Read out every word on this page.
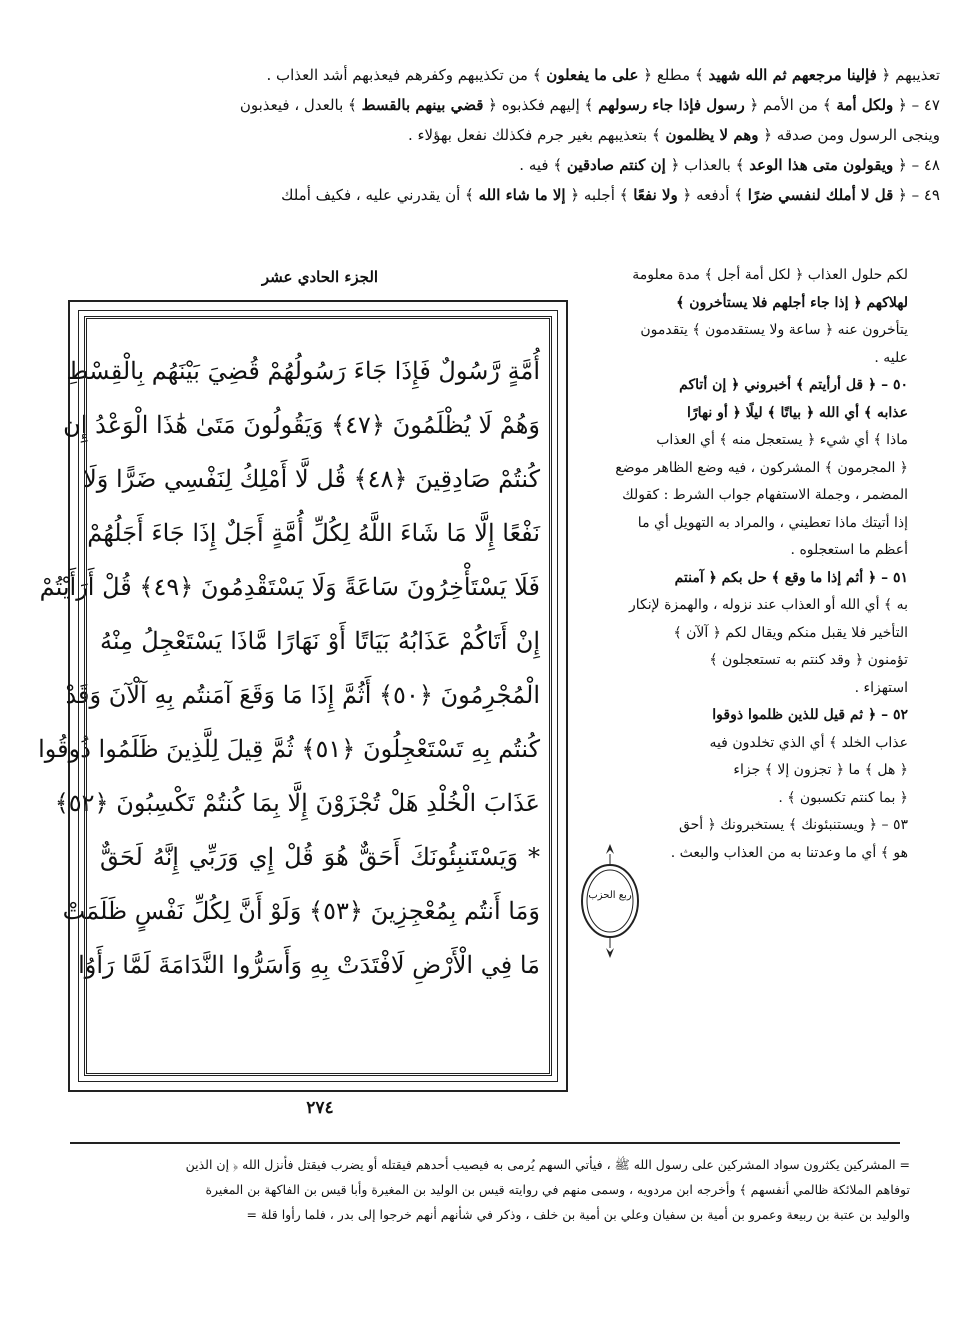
تعذيبهم ﴿ فإلينا مرجعهم ثم الله شهيد ﴾ مطلع ﴿ على ما يفعلون ﴾ من تكذيبهم وكفرهم فيعذبهم أشد العذاب .

٤٧ – ﴿ ولكل أمة ﴾ من الأمم ﴿ رسول فإذا جاء رسولهم ﴾ إليهم فكذبوه ﴿ قضي بينهم بالقسط ﴾ بالعدل ، فيعذبون

وينجى الرسول ومن صدقه ﴿ وهم لا يظلمون ﴾ بتعذيبهم بغير جرم فكذلك نفعل بهؤلاء .

٤٨ – ﴿ ويقولون متى هذا الوعد ﴾ بالعذاب ﴿ إن كنتم صادقين ﴾ فيه .

٤٩ – ﴿ قل لا أملك لنفسي ضرًا ﴾ أدفعه ﴿ ولا نفعًا ﴾ أجلبه ﴿ إلا ما شاء الله ﴾ أن يقدرني عليه ، فكيف أملك

الجزء الحادي عشر
أُمَّةٍ رَّسُولٌ فَإِذَا جَاءَ رَسُولُهُمْ قُضِيَ بَيْنَهُم بِالْقِسْطِ
وَهُمْ لَا يُظْلَمُونَ ﴿٤٧﴾ وَيَقُولُونَ مَتَىٰ هَٰذَا الْوَعْدُ إِن
كُنتُمْ صَادِقِينَ ﴿٤٨﴾ قُل لَّا أَمْلِكُ لِنَفْسِي ضَرًّا وَلَا
نَفْعًا إِلَّا مَا شَاءَ اللَّهُ لِكُلِّ أُمَّةٍ أَجَلٌ إِذَا جَاءَ أَجَلُهُمْ
فَلَا يَسْتَأْخِرُونَ سَاعَةً وَلَا يَسْتَقْدِمُونَ ﴿٤٩﴾ قُلْ أَرَأَيْتُمْ
إِنْ أَتَاكُمْ عَذَابُهُ بَيَاتًا أَوْ نَهَارًا مَّاذَا يَسْتَعْجِلُ مِنْهُ
الْمُجْرِمُونَ ﴿٥٠﴾ أَثُمَّ إِذَا مَا وَقَعَ آمَنتُم بِهِ آلْآنَ وَقَدْ
كُنتُم بِهِ تَسْتَعْجِلُونَ ﴿٥١﴾ ثُمَّ قِيلَ لِلَّذِينَ ظَلَمُوا ذُوقُوا
عَذَابَ الْخُلْدِ هَلْ تُجْزَوْنَ إِلَّا بِمَا كُنتُمْ تَكْسِبُونَ ﴿٥٢﴾
* وَيَسْتَنبِئُونَكَ أَحَقٌّ هُوَ قُلْ إِي وَرَبِّي إِنَّهُ لَحَقٌّ
وَمَا أَنتُم بِمُعْجِزِينَ ﴿٥٣﴾ وَلَوْ أَنَّ لِكُلِّ نَفْسٍ ظَلَمَتْ
مَا فِي الْأَرْضِ لَافْتَدَتْ بِهِ وَأَسَرُّوا النَّدَامَةَ لَمَّا رَأَوُا

لكم حلول العذاب ﴿ لكل أمة أجل ﴾ مدة معلومة

لهلاكهم ﴿ إذا جاء أجلهم فلا يستأخرون ﴾

يتأخرون عنه ﴿ ساعة ولا يستقدمون ﴾ يتقدمون

عليه .

٥٠ – ﴿ قل أرأيتم ﴾ أخبروني ﴿ إن أتاكم

عذابه ﴾ أي الله ﴿ بياتًا ﴾ ليلًا ﴿ أو نهارًا

ماذا ﴾ أي شيء ﴿ يستعجل منه ﴾ أي العذاب

﴿ المجرمون ﴾ المشركون ، فيه وضع الظاهر موضع

المضمر ، وجملة الاستفهام جواب الشرط : كقولك

إذا أتيتك ماذا تعطيني ، والمراد به التهويل أي ما

أعظم ما استعجلوه .

٥١ – ﴿ أثم إذا ما وقع ﴾ حل بكم ﴿ آمنتم

به ﴾ أي الله أو العذاب عند نزوله ، والهمزة لإنكار

التأخير فلا يقبل منكم ويقال لكم ﴿ آلآن ﴾

تؤمنون ﴿ وقد كنتم به تستعجلون ﴾

استهزاء .

٥٢ – ﴿ ثم قيل للذين ظلموا ذوقوا

عذاب الخلد ﴾ أي الذي تخلدون فيه

﴿ هل ﴾ ما ﴿ تجزون إلا ﴾ جزاء

﴿ بما كنتم تكسبون ﴾ .

٥٣ – ﴿ ويستنبئونك ﴾ يستخبرونك ﴿ أحق

هو ﴾ أي ما وعدتنا به من العذاب والبعث .

ربع الحزب
٢٧٤

= المشركين يكثرون سواد المشركين على رسول الله ﷺ ، فيأتي السهم يُرمى به فيصيب أحدهم فيقتله أو يضرب فيقتل فأنزل الله ﴿ إن الذين

توفاهم الملائكة ظالمي أنفسهم ﴾ وأخرجه ابن مردويه ، وسمى منهم في روايته قيس بن الوليد بن المغيرة وأبا قيس بن الفاكهة بن المغيرة

والوليد بن عتبة بن ربيعة وعمرو بن أمية بن سفيان وعلي بن أمية بن خلف ، وذكر في شأنهم أنهم خرجوا إلى بدر ، فلما رأوا قلة =
